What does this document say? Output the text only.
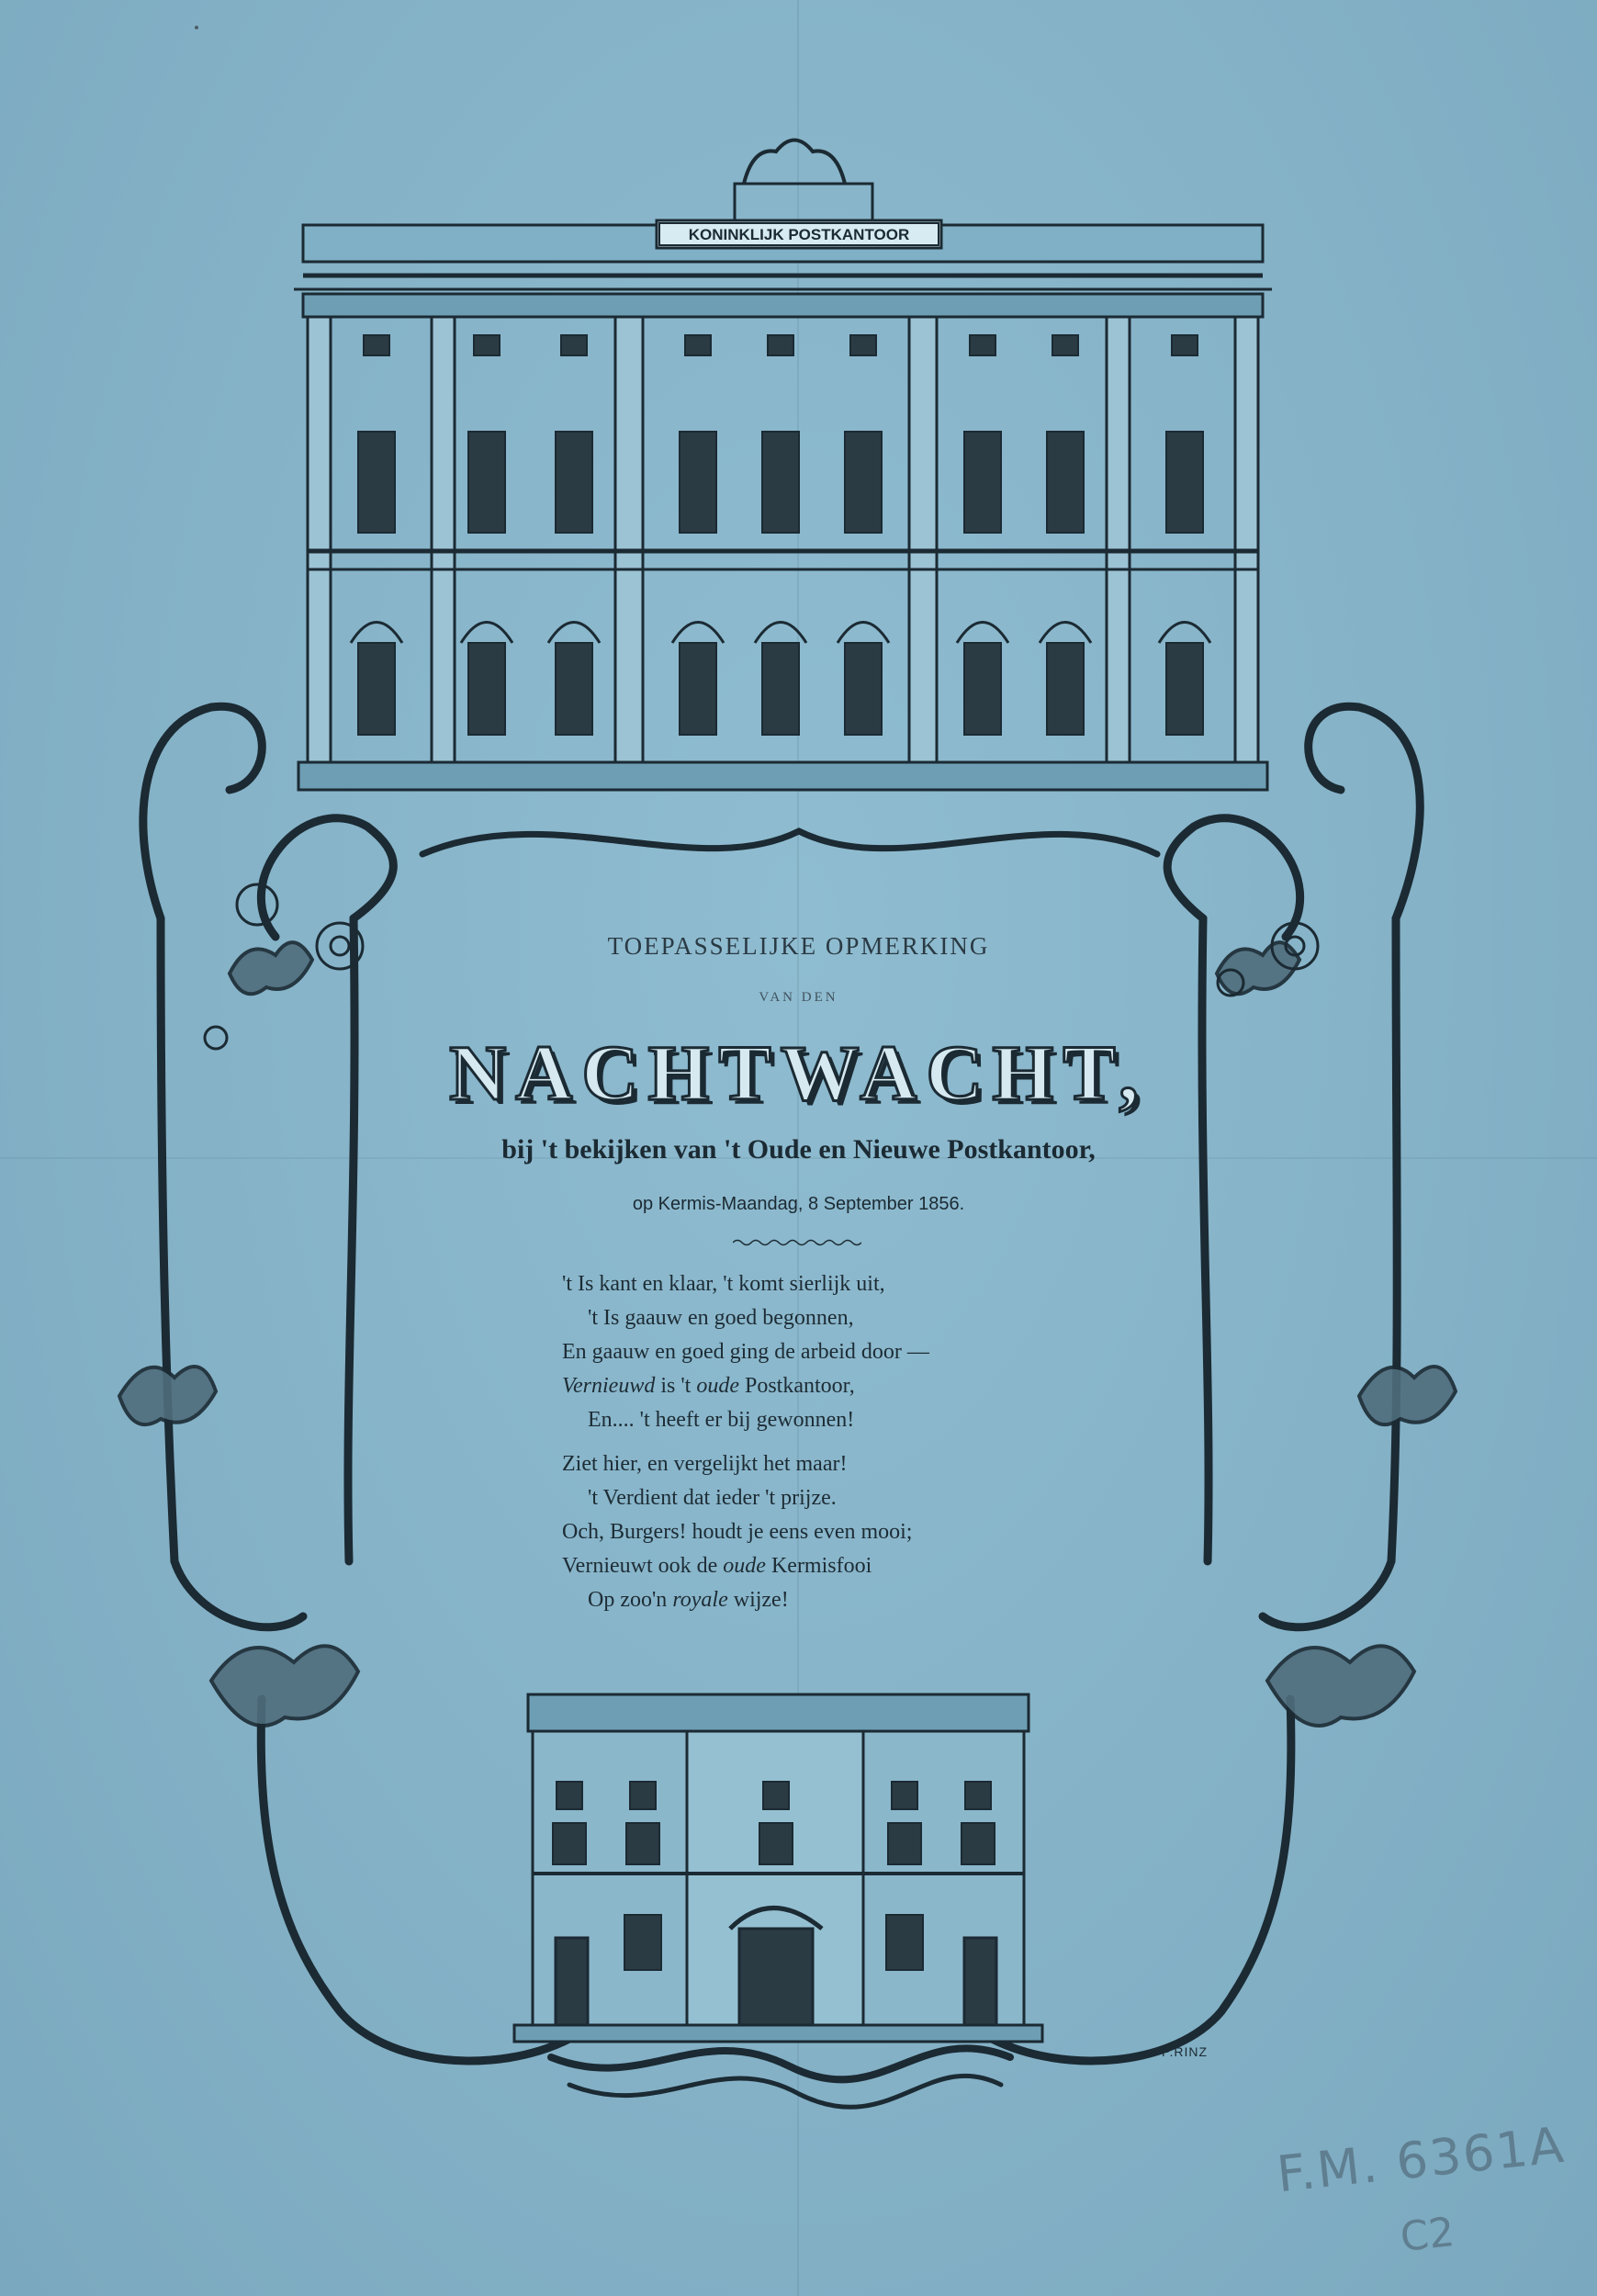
KONINKLIJK POSTKANTOOR
TOEPASSELIJKE OPMERKING
VAN DEN
NACHTWACHT,
bij 't bekijken van 't Oude en Nieuwe Postkantoor,
op Kermis-Maandag, 8 September 1856.
't Is kant en klaar, 't komt sierlijk uit,
't Is gaauw en goed begonnen,
En gaauw en goed ging de arbeid door —
Vernieuwd is 't oude Postkantoor,
En.... 't heeft er bij gewonnen!
Ziet hier, en vergelijkt het maar!
't Verdient dat ieder 't prijze.
Och, Burgers! houdt je eens even mooi;
Vernieuwt ook de oude Kermisfooi
Op zoo'n royale wijze!
P.RINZ
F.M. 6361A
C2
